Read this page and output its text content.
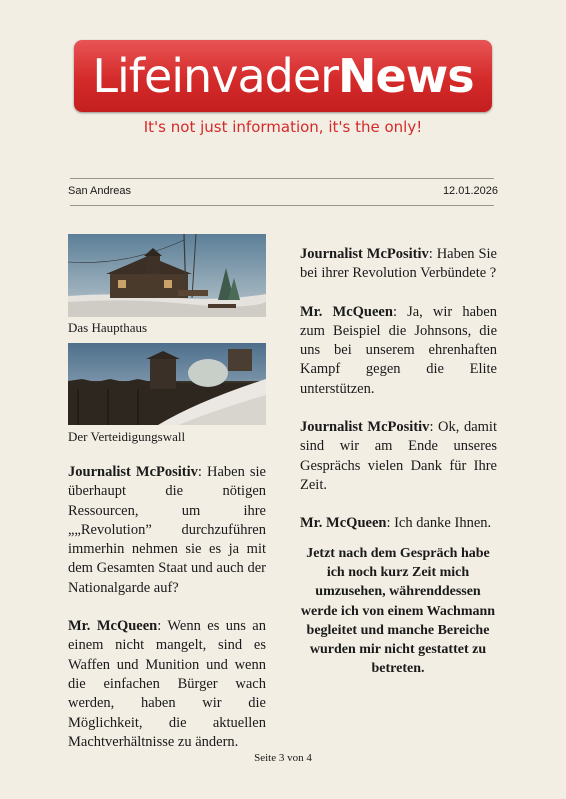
Life invader News
It's not just information, it's the only!
San Andreas	12.01.2026
Das Haupthaus
Der Verteidigungswall

Journalist McPositiv: Haben sie überhaupt die nötigen Ressourcen, um ihre „„Revolution” durchzuführen immerhin nehmen sie es ja mit dem Gesamten Staat und auch der Nationalgarde auf?

Mr. McQueen: Wenn es uns an einem nicht mangelt, sind es Waffen und Munition und wenn die einfachen Bürger wach werden, haben wir die Möglichkeit, die aktuellen Machtverhältnisse zu ändern.

Journalist McPositiv: Haben Sie bei ihrer Revolution Verbündete ?

Mr. McQueen: Ja, wir haben zum Beispiel die Johnsons, die uns bei unserem ehrenhaften Kampf gegen die Elite unterstützen.

Journalist McPositiv: Ok, damit sind wir am Ende unseres Gesprächs vielen Dank für Ihre Zeit.

Mr. McQueen: Ich danke Ihnen.

Jetzt nach dem Gespräch habe ich noch kurz Zeit mich umzusehen, währenddessen werde ich von einem Wachmann begleitet und manche Bereiche wurden mir nicht gestattet zu betreten.
Seite 3 von 4
